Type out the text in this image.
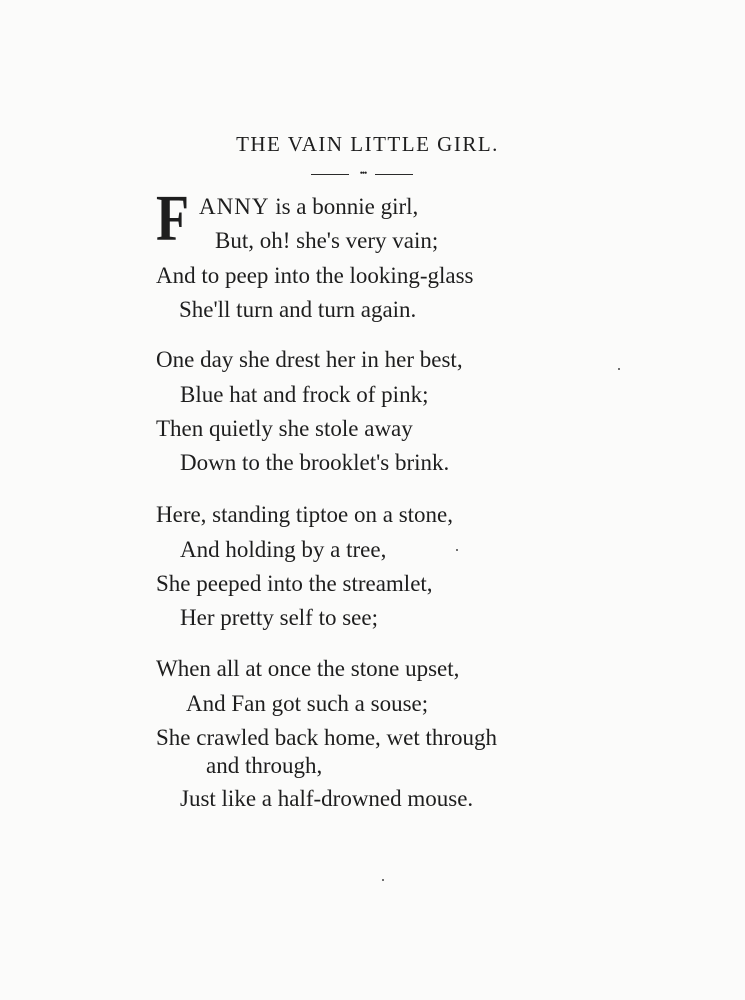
THE VAIN LITTLE GIRL.
•••
F ANNY is a bonnie girl,
But, oh! she's very vain;
And to peep into the looking-glass
She'll turn and turn again.
One day she drest her in her best,
Blue hat and frock of pink;
Then quietly she stole away
Down to the brooklet's brink.
Here, standing tiptoe on a stone,
And holding by a tree,
She peeped into the streamlet,
Her pretty self to see;
When all at once the stone upset,
And Fan got such a souse;
She crawled back home, wet through
and through,
Just like a half-drowned mouse.
